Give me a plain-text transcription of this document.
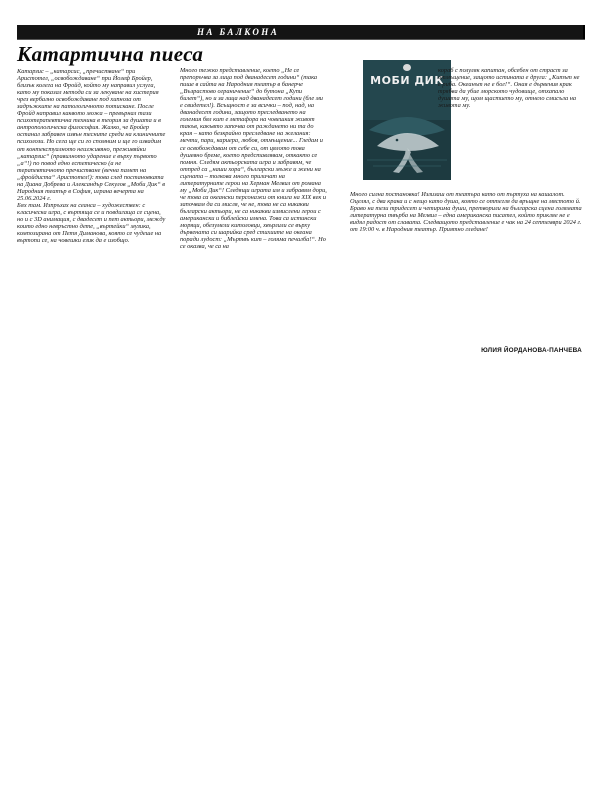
НА БАЛКОНА
Катартична пиеса

Катарзис – „катарсис, „пречистване“ при Аристотел, „освобождаване“ при Йозеф Бройер, близък колега на Фройд, който му направил услуга, като му показал метода си за лекуване на хистерия чрез вербално освобождаване под хипноза от задръжките на патологичното потискане. После Фройд направил каквото можа – превърнал тази психотерапевтична техника в теория за душата и в антропологическа философия. Жалко, че Бройер останал забравен извън тесните среди на клиничните психолози. Но сега ще си го спомним и ще го извадим от контекстуалното неизживяно, преживяйки „катарзис“ (правилното ударение е върху първото „а“!) по повод едно естетическо (а не терапевтичното пречистване (вечна памет на „фройдиста“ Аристотел!): това след постановката на Диана Добрева и Александър Секулов „Моби Дик“ в Народния театър в София, играна вечерта на 25.06.2024 г.

Бях там. Изпръхах на сеанса – художествен: с класическа игра, с въртяща се и повдигаща се сцена, но и с 3D анимация, с двадесет и пет актьори, между които едно невръстно дете, „въртейки“ музика, композирана от Петя Диманова, която се чудеше на въртопи се, на човешки език да е изобщо.

Много тежко представление, което „Не се препоръчва за лица под дванадесет години“ (така пише в сайта на Народния театър в банерче „Възрастово ограничение“ до бутона „Купи билет“), но и за лица над дванадесет години (бле ми е свидетел!). Всъщност е за всички – под, над, на дванадесет години, защото преследването на големия бял кит е метафора на човешкия живот такъв, какъвто започва от раждането ни та до края – като безкрайно преследване на желания: мечти, пари, кариера, любов, отмъщение... Гледам и се освобождавам от себе си, от цялото това душевно бреме, което представлявам, откакто се помня. Следям актьорската игра и забравям, че отпред са „наши хора“, български мъже и жени на сцената – толкова много приличат на литературните герои на Херман Мелвил от романа му „Моби Дик“! Следящи играта им и забравям дори, че това са океански персонажи от книга на XIX век и започвам да си мисля, че не, това не са никакви български актьори, не са никакви измислени герои с американски и библейски имена. Това са истински моряци, обезумели китоловци, хвърлили се върху дървената си шарийка сред стихиите на океана поради лудост: „Мъртвъ кит – голяма печалба!“. Но се оказва, че са на

МОБИ ДИК

кораб с полуляк капитан, обсебен от страст за отмъщение, защото истината е друга: „Китът не е риба. Океанът не е бог!“. Оная е дървения крак трябва да убие морското чудовище, отхапало душата му, щом щастието му, отнело смисъла на живота му.

Много силна постановка! Излизаш от театъра като от пъртуха на кашалот. Оцелял, с два крака и с нещо като душа, която се оттегля да връщне на мястото й. Браво на тези тридесет и четирима души, претворили на българска сцена голямата литературна твърба на Мелвил – една американска писател, който прикляе не е видял радост от славата. Следващото представление е чак на 24 септември 2024 г. от 19:00 ч. в Народния театър. Приятно гледане!

ЮЛИЯ ЙОРДАНОВА-ПАНЧЕВА
